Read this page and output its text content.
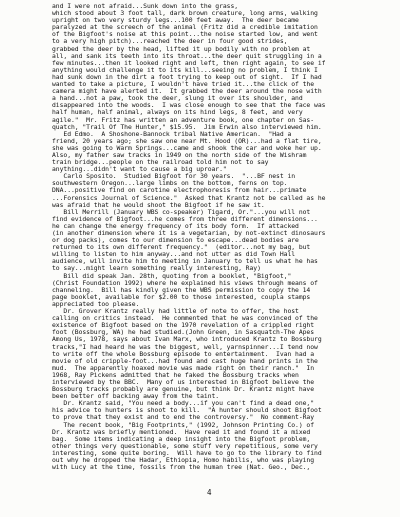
and I were not afraid...Sunk down into the grass,
which stood about 3 foot tall, dark brown creature, long arms, walking
upright on two very sturdy legs...100 feet away.  The deer became
paralyzed at the screech of the animal (Fritz did a credible imitation
of the Bigfoot's noise at this point...the noise started low, and went
to a very high pitch)...reached the deer in four good strides,
grabbed the deer by the head, lifted it up bodily with no problem at
all, and sank its teeth into its throat...the deer quit struggling in a
few minutes...then it looked right and left, then right again, to see if
anything would challenge it to its kill...seeing no problem, I think I
had sunk down in the dirt a foot trying to keep out of sight.  If I had
wanted to take a picture, I wouldn't have tried it...the click of the
camera might have alerted it.  It grabbed the deer around the nose with
a hand...not a paw, took the deer, slung it over its shoulder, and
disappeared into the woods.  I was close enough to see that the face was
half human, half animal, always on its hind legs, 8 feet, and very
agile."  Mr. Fritz has written an adventure book, one chapter on Sas-
quatch, "Trail Of The Hunter," $15.95.  Jim Erwin also interviewed him.
Ed Edmo.  A Shoshone-Bannock tribal Native American.  "Had a
friend, 20 years ago; she saw one near Mt. Hood (OR)...had a flat tire,
she was going to Warm Springs...came and shook the car and woke her up.
Also, my father saw tracks in 1949 on the north side of the Wishram
train bridge...people on the railroad told him not to say
anything...didn't want to cause a big uproar."
Carlo Sposito.  Studied Bigfoot for 30 years.  "...BF nest in
southwestern Oregon...large limbs on the bottom, ferns on top.
DNA...positive find on carotine electrophoresis from hair...primate
...Forensics Journal of Science."  Asked that Krantz not be called as he
was afraid that he would shoot the Bigfoot if he saw it.
Bill Merrill (January WBS co-speaker) Tigard, Or."...you will not
find evidence of Bigfoot...he comes from three different dimensions...
he can change the energy frequency of its body form.  If attacked
(in another dimension where it is a vegetarian, by not-extinct dinosaurs
or dog packs), comes to our dimension to escape...dead bodies are
returned to its own different frequency."  (editor...not my bag, but
willing to listen to him anyway...and not utter as did Town Hall
audience, will invite him to meeting in January to tell us what he has
to say...might learn something really interesting, Ray)
Bill did speak Jan. 28th, quoting from a booklet, "Bigfoot,"
(Christ Foundation 1992) where he explained his views through means of
channeling.  Bill has kindly given the WBS permission to copy the 14
page booklet, available for $2.00 to those interested, coupla stamps
appreciated too please.
Dr. Grover Krantz really had little of note to offer, the host
calling on critics instead.  He commented that he was convinced of the
existence of Bigfoot based on the 1970 revelation of a crippled right
foot (Bossburg, WA) he had studied.(John Green, in Sasquatch-The Apes
Among Us, 1978, says about Ivan Marx, who introduced Krantz to Bossburg
tracks,"I had heard he was the biggest, well, yarnspinner...I tend now
to write off the whole Bossburg episode to entertainment.  Ivan had a
movie of old cripple-foot...had found and cast huge hand prints in the
mud.  The apparently hoaxed movie was made right on their ranch."  In
1968, Ray Pickens admitted that he faked the Bossburg tracks when
interviewed by the BBC.  Many of us interested in Bigfoot believe the
Bossburg tracks probably are genuine, but think Dr. Krantz might have
been better off backing away from the taint.
Dr. Krantz said, "You need a body...if you can't find a dead one,"
his advice to hunters is shoot to kill.  "A hunter should shoot Bigfoot
to prove that they exist and to end the controversy."  No comment-Ray
The recent book, "Big Footprints," (1992, Johnson Printing Co.) of
Dr. Krantz was briefly mentioned.  Have read it and found it a mixed
bag.  Some items indicating a deep insight into the Bigfoot problem,
other things very questionable, some stuff very repetitious, some very
interesting, some quite boring.  Will have to go to the library to find
out why he dropped the Hadar, Ethiopia, Homo habilis, who was playing
with Lucy at the time, fossils from the human tree (Nat. Geo., Dec.,
4
